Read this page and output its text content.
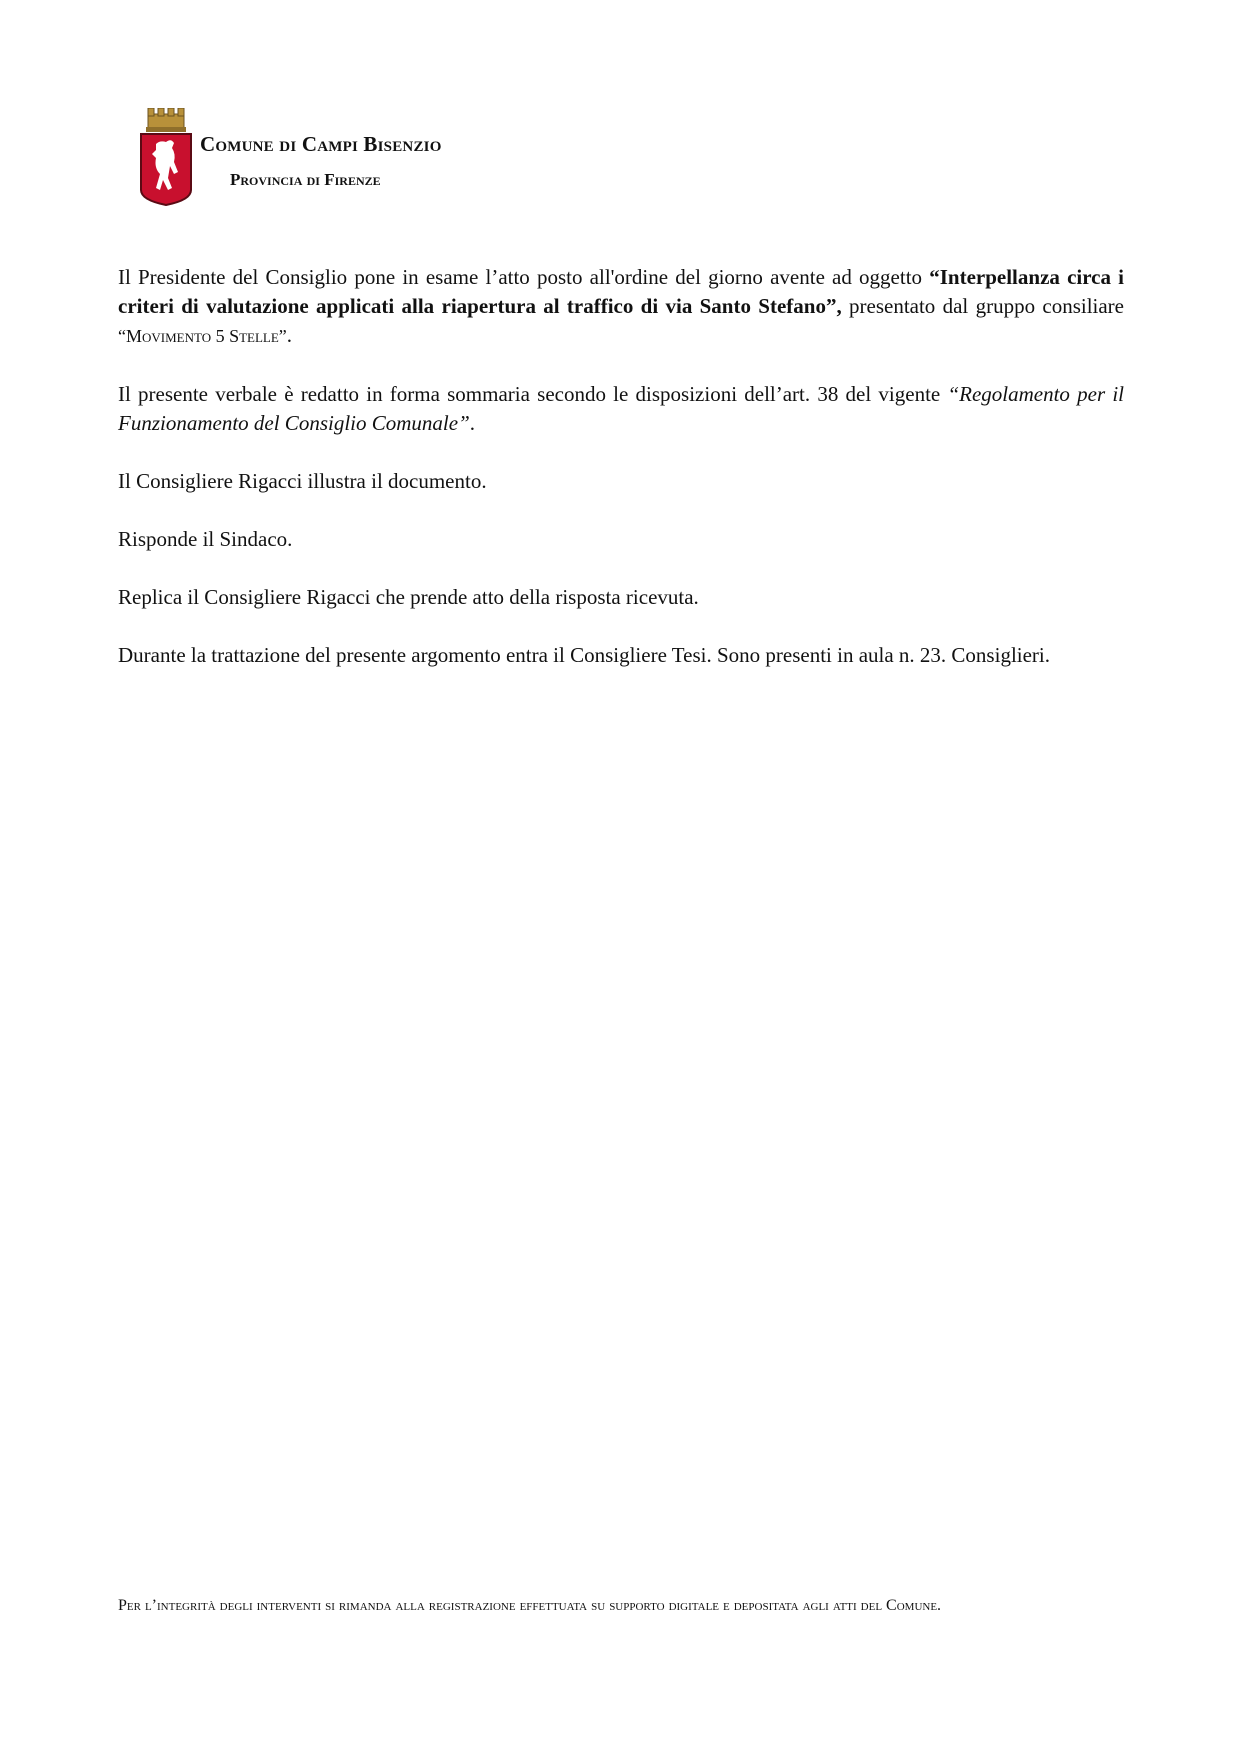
Comune di Campi Bisenzio
Provincia di Firenze

Il Presidente del Consiglio pone in esame l’atto posto all'ordine del giorno avente ad oggetto “Interpellanza circa i criteri di valutazione applicati alla riapertura al traffico di via Santo Stefano”, presentato dal gruppo consiliare “Movimento 5 Stelle”.

Il presente verbale è redatto in forma sommaria secondo le disposizioni dell’art. 38 del vigente “Regolamento per il Funzionamento del Consiglio Comunale”.

Il Consigliere Rigacci illustra il documento.

Risponde il Sindaco.

Replica il Consigliere Rigacci che prende atto della risposta ricevuta.

Durante la trattazione del presente argomento entra il Consigliere Tesi. Sono presenti in aula n. 23. Consiglieri.

Per l’integrità degli interventi si rimanda alla registrazione effettuata su supporto digitale e depositata agli atti del Comune.
